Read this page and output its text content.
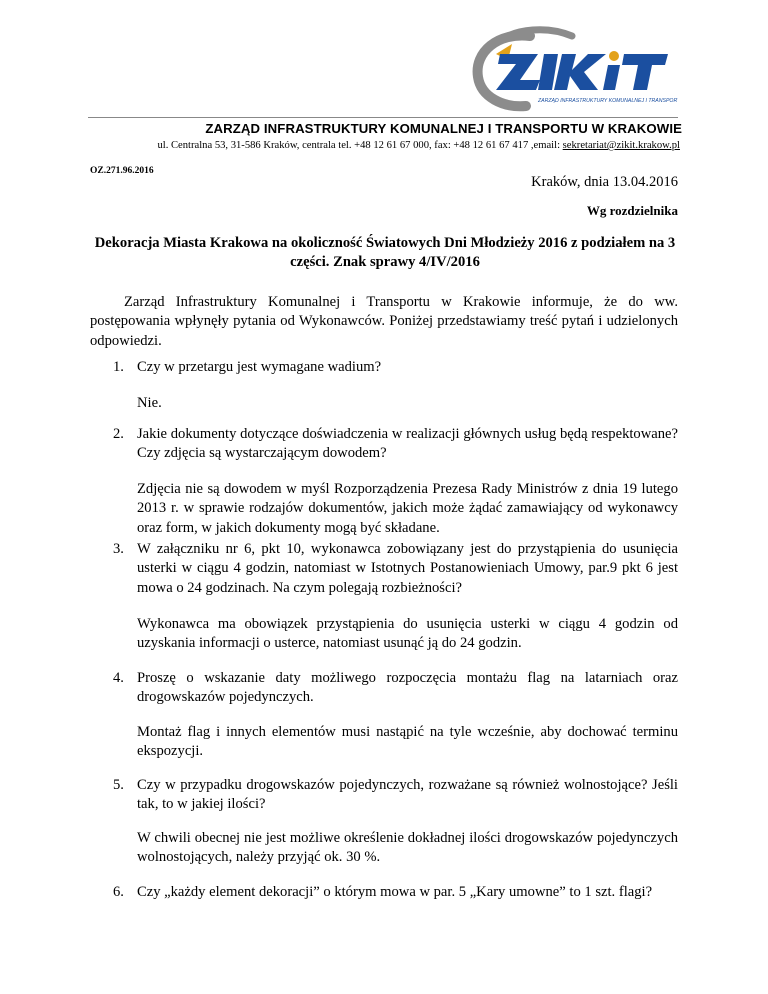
ZARZĄD INFRASTRUKTURY KOMUNALNEJ I TRANSPORTU
ZARZĄD INFRASTRUKTURY KOMUNALNEJ I TRANSPORTU W KRAKOWIE
ul. Centralna 53, 31-586 Kraków, centrala tel. +48 12 61 67 000, fax: +48 12 61 67 417 ,email: sekretariat@zikit.krakow.pl
OZ.271.96.2016
Kraków, dnia 13.04.2016
Wg rozdzielnika
Dekoracja Miasta Krakowa na okoliczność Światowych Dni Młodzieży 2016 z podziałem na 3 części. Znak sprawy 4/IV/2016
Zarząd Infrastruktury Komunalnej i Transportu w Krakowie informuje, że do ww. postępowania wpłynęły pytania od Wykonawców. Poniżej przedstawiamy treść pytań i udzielonych odpowiedzi.
1. Czy w przetargu jest wymagane wadium?
Nie.
2. Jakie dokumenty dotyczące doświadczenia w realizacji głównych usług będą respektowane? Czy zdjęcia są wystarczającym dowodem?
Zdjęcia nie są dowodem w myśl Rozporządzenia Prezesa Rady Ministrów z dnia 19 lutego 2013 r. w sprawie rodzajów dokumentów, jakich może żądać zamawiający od wykonawcy oraz form, w jakich dokumenty mogą być składane.
3. W załączniku nr 6, pkt 10, wykonawca zobowiązany jest do przystąpienia do usunięcia usterki w ciągu 4 godzin, natomiast w Istotnych Postanowieniach Umowy, par.9 pkt 6 jest mowa o 24 godzinach. Na czym polegają rozbieżności?
Wykonawca ma obowiązek przystąpienia do usunięcia usterki w ciągu 4 godzin od uzyskania informacji o usterce, natomiast usunąć ją do 24 godzin.
4. Proszę o wskazanie daty możliwego rozpoczęcia montażu flag na latarniach oraz drogowskazów pojedynczych.
Montaż flag i innych elementów musi nastąpić na tyle wcześnie, aby dochować terminu ekspozycji.
5. Czy w przypadku drogowskazów pojedynczych, rozważane są również wolnostojące? Jeśli tak, to w jakiej ilości?
W chwili obecnej nie jest możliwe określenie dokładnej ilości drogowskazów pojedynczych wolnostojących, należy przyjąć ok. 30 %.
6. Czy „każdy element dekoracji” o którym mowa w par. 5 „Kary umowne” to 1 szt. flagi?
